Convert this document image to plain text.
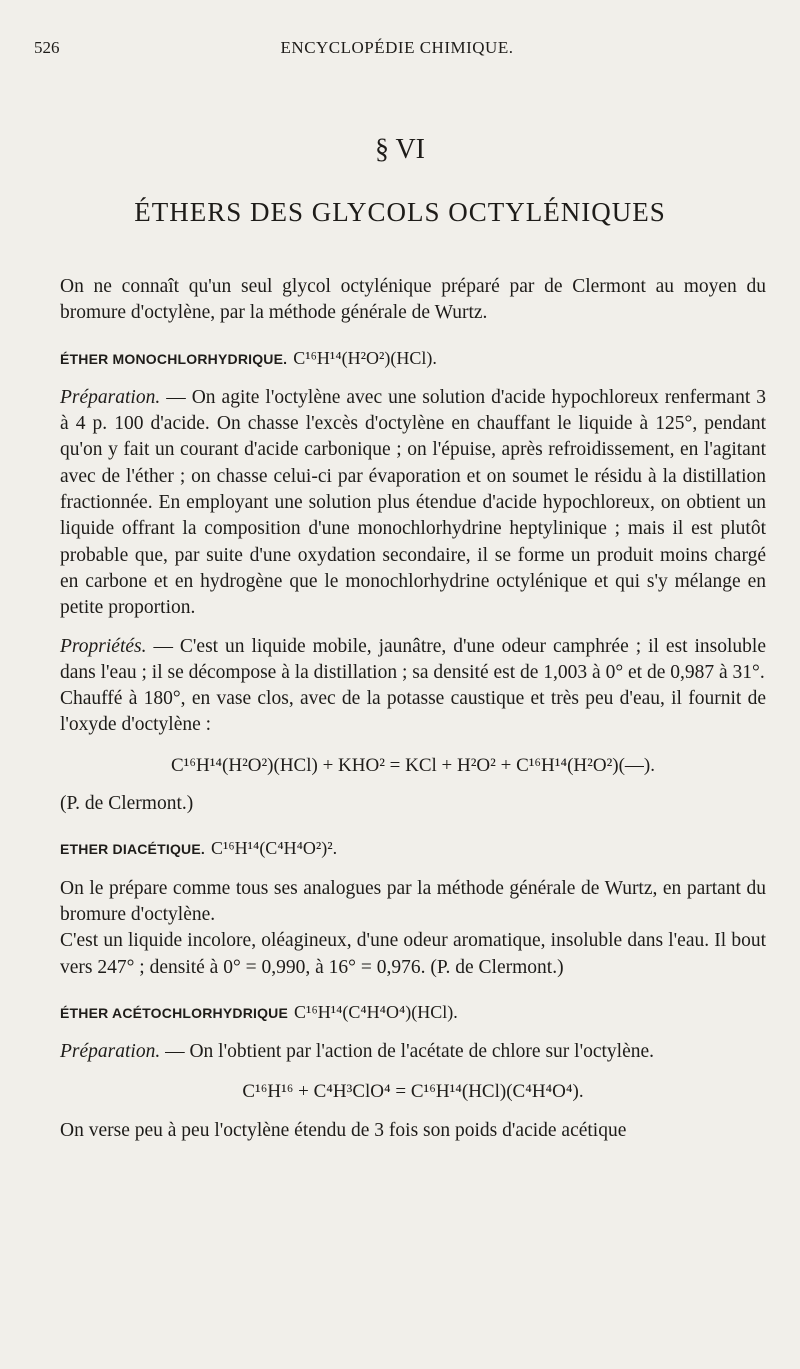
526	ENCYCLOPÉDIE CHIMIQUE.
§ VI
ÉTHERS DES GLYCOLS OCTYLÉNIQUES

On ne connaît qu'un seul glycol octylénique préparé par de Clermont au moyen du bromure d'octylène, par la méthode générale de Wurtz.

ÉTHER MONOCHLORHYDRIQUE. C¹⁶H¹⁴(H²O²)(HCl).

Préparation. — On agite l'octylène avec une solution d'acide hypochloreux renfermant 3 à 4 p. 100 d'acide. On chasse l'excès d'octylène en chauffant le liquide à 125°, pendant qu'on y fait un courant d'acide carbonique ; on l'épuise, après refroidissement, en l'agitant avec de l'éther ; on chasse celui-ci par évaporation et on soumet le résidu à la distillation fractionnée. En employant une solution plus étendue d'acide hypochloreux, on obtient un liquide offrant la composition d'une monochlorhydrine heptylinique ; mais il est plutôt probable que, par suite d'une oxydation secondaire, il se forme un produit moins chargé en carbone et en hydrogène que le monochlorhydrine octylénique et qui s'y mélange en petite proportion.

Propriétés. — C'est un liquide mobile, jaunâtre, d'une odeur camphrée ; il est insoluble dans l'eau ; il se décompose à la distillation ; sa densité est de 1,003 à 0° et de 0,987 à 31°.

Chauffé à 180°, en vase clos, avec de la potasse caustique et très peu d'eau, il fournit de l'oxyde d'octylène :

C¹⁶H¹⁴(H²O²)(HCl) + KHO² = KCl + H²O² + C¹⁶H¹⁴(H²O²)(—).

(P. de Clermont.)

ETHER DIACÉTIQUE. C¹⁶H¹⁴(C⁴H⁴O²)².

On le prépare comme tous ses analogues par la méthode générale de Wurtz, en partant du bromure d'octylène.

C'est un liquide incolore, oléagineux, d'une odeur aromatique, insoluble dans l'eau. Il bout vers 247° ; densité à 0° = 0,990, à 16° = 0,976. (P. de Clermont.)

ÉTHER ACÉTOCHLORHYDRIQUE C¹⁶H¹⁴(C⁴H⁴O⁴)(HCl).

Préparation. — On l'obtient par l'action de l'acétate de chlore sur l'octylène.

C¹⁶H¹⁶ + C⁴H³ClO⁴ = C¹⁶H¹⁴(HCl)(C⁴H⁴O⁴).

On verse peu à peu l'octylène étendu de 3 fois son poids d'acide acétique
